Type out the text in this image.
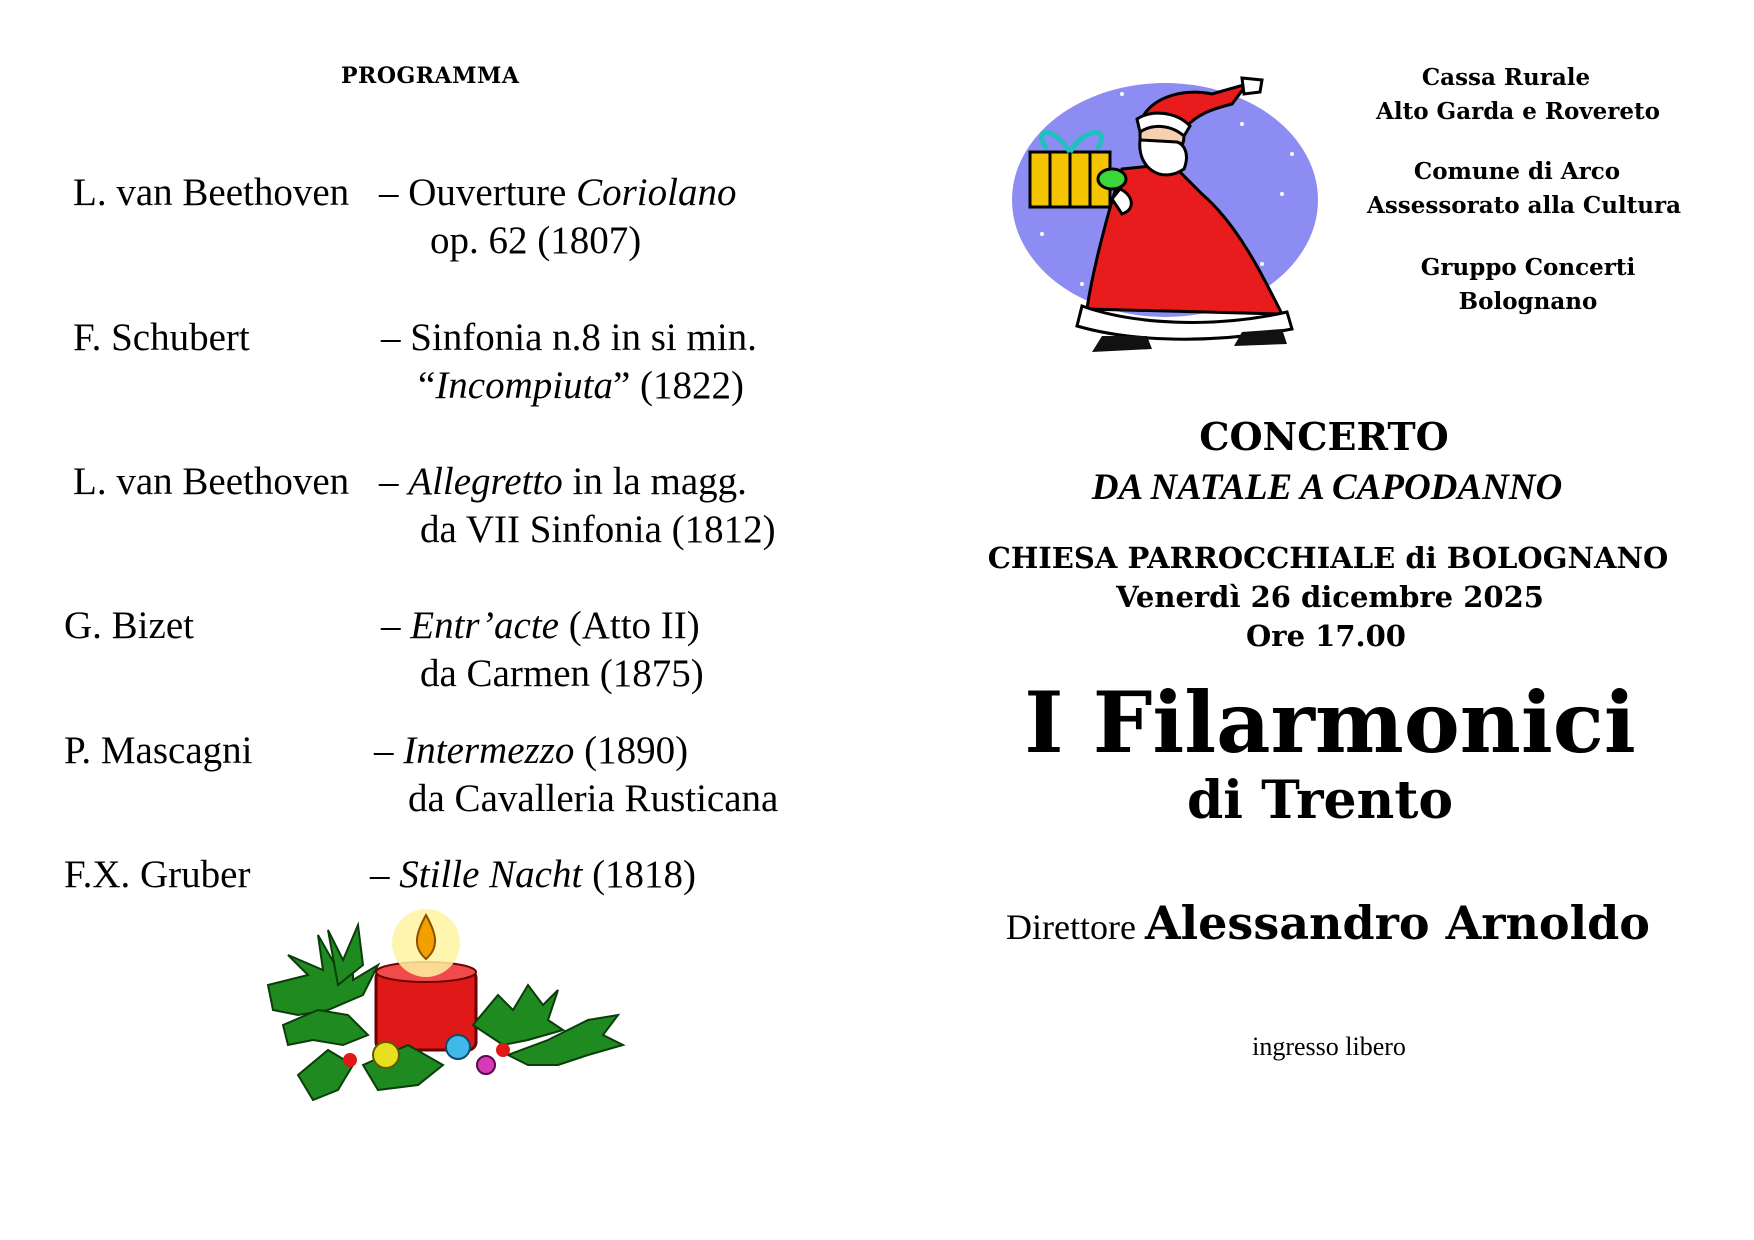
PROGRAMMA
L. van Beethoven – Ouverture Coriolano
op. 62 (1807)
F. Schubert	– Sinfonia n.8 in si min.
“Incompiuta” (1822)
L. van Beethoven – Allegretto in la magg.
da VII Sinfonia (1812)
G. Bizet	– Entr’acte (Atto II)
da Carmen (1875)
P. Mascagni	– Intermezzo (1890)
da Cavalleria Rusticana
F.X. Gruber	– Stille Nacht (1818)
Cassa Rurale
Alto Garda e Rovereto
Comune di Arco
Assessorato alla Cultura
Gruppo Concerti
Bolognano
CONCERTO
DA NATALE A CAPODANNO
CHIESA PARROCCHIALE di BOLOGNANO
Venerdì 26 dicembre 2025
Ore 17.00
I Filarmonici
di Trento
Direttore Alessandro Arnoldo
ingresso libero
